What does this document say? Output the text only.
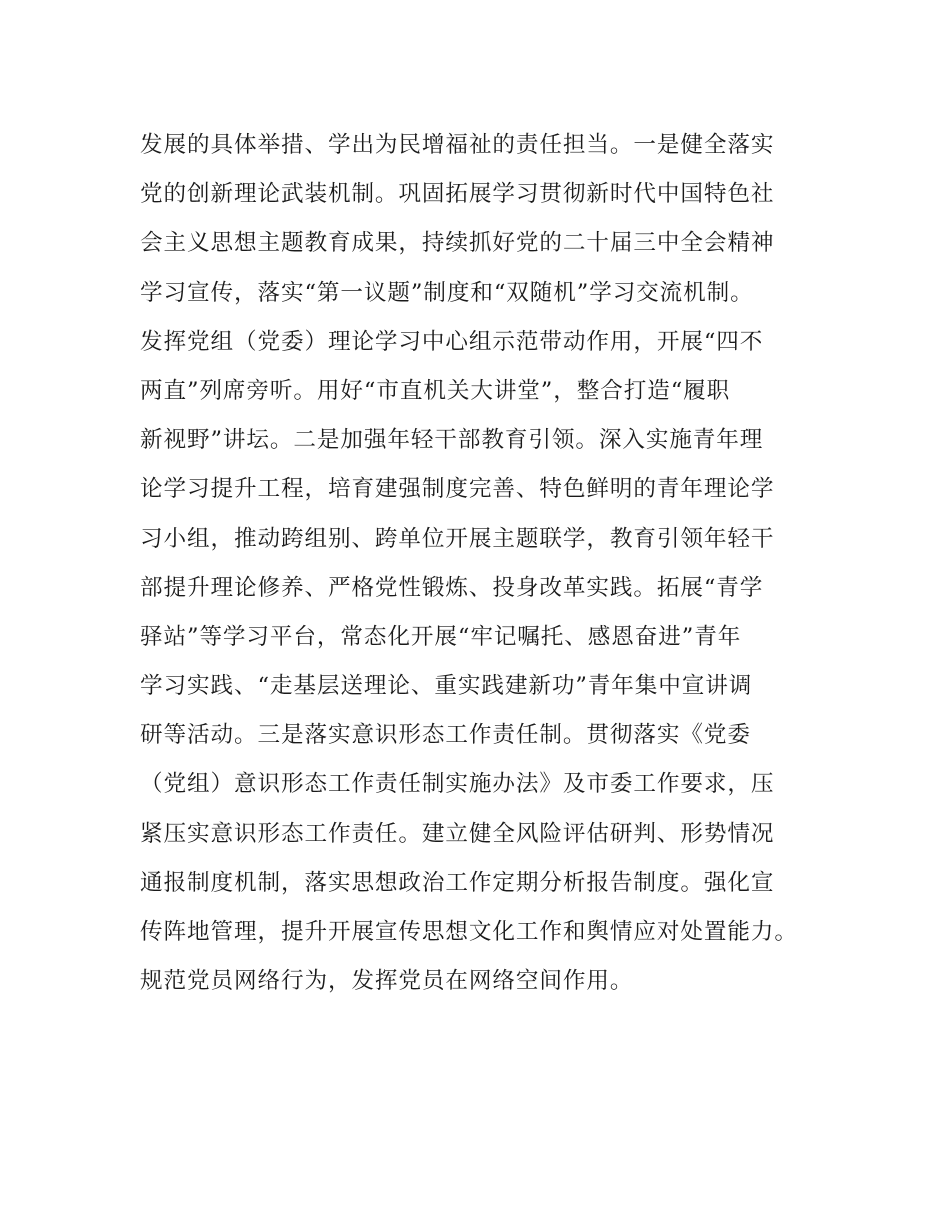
发展的具体举措、学出为民增福祉的责任担当。一是健全落实
党的创新理论武装机制。巩固拓展学习贯彻新时代中国特色社
会主义思想主题教育成果，持续抓好党的二十届三中全会精神
学习宣传，落实“第一议题”制度和“双随机”学习交流机制。
发挥党组（党委）理论学习中心组示范带动作用，开展“四不
两直”列席旁听。用好“市直机关大讲堂”，整合打造“履职
新视野”讲坛。二是加强年轻干部教育引领。深入实施青年理
论学习提升工程，培育建强制度完善、特色鲜明的青年理论学
习小组，推动跨组别、跨单位开展主题联学，教育引领年轻干
部提升理论修养、严格党性锻炼、投身改革实践。拓展“青学
驿站”等学习平台，常态化开展“牢记嘱托、感恩奋进”青年
学习实践、“走基层送理论、重实践建新功”青年集中宣讲调
研等活动。三是落实意识形态工作责任制。贯彻落实《党委
（党组）意识形态工作责任制实施办法》及市委工作要求，压
紧压实意识形态工作责任。建立健全风险评估研判、形势情况
通报制度机制，落实思想政治工作定期分析报告制度。强化宣
传阵地管理，提升开展宣传思想文化工作和舆情应对处置能力。
规范党员网络行为，发挥党员在网络空间作用。
